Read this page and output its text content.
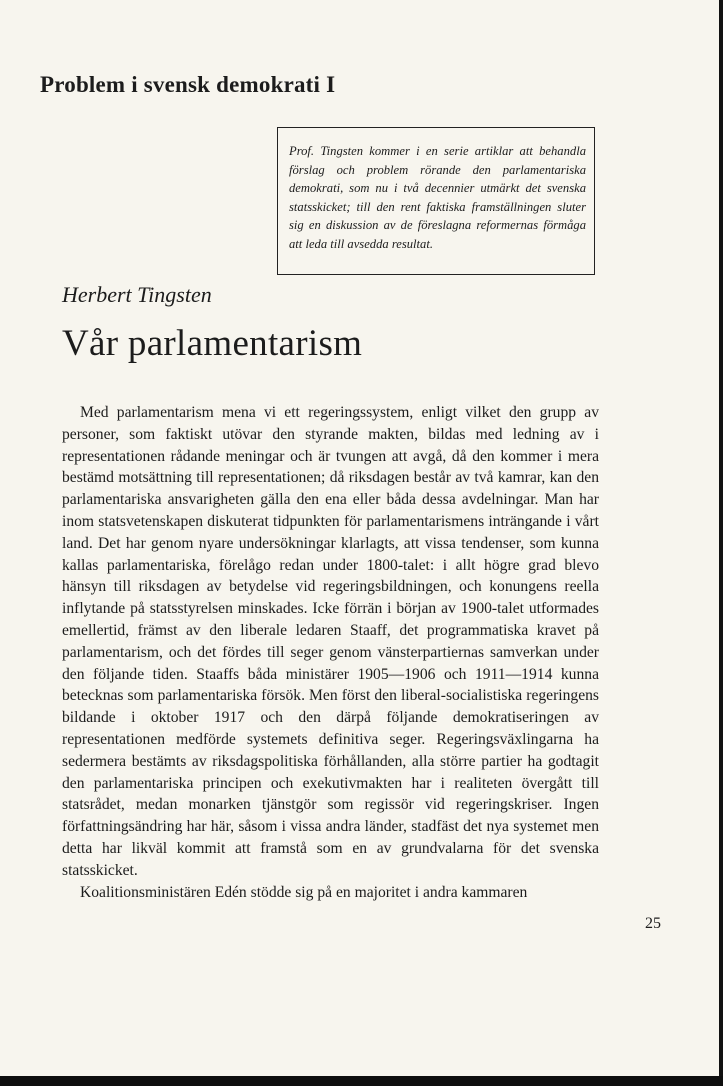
Problem i svensk demokrati I

Prof. Tingsten kommer i en serie artiklar att behandla förslag och problem rörande den parlamentariska demokrati, som nu i två decennier utmärkt det svenska statsskicket; till den rent faktiska framställningen sluter sig en diskussion av de föreslagna reformernas förmåga att leda till avsedda resultat.

Herbert Tingsten
Vår parlamentarism

Med parlamentarism mena vi ett regeringssystem, enligt vilket den grupp av personer, som faktiskt utövar den styrande makten, bildas med ledning av i representationen rådande meningar och är tvungen att avgå, då den kommer i mera bestämd motsättning till representationen; då riksdagen består av två kamrar, kan den parlamentariska ansvarigheten gälla den ena eller båda dessa avdelningar. Man har inom statsvetenskapen diskuterat tidpunkten för parlamentarismens inträngande i vårt land. Det har genom nyare undersökningar klarlagts, att vissa tendenser, som kunna kallas parlamentariska, förelågo redan under 1800-talet: i allt högre grad blevo hänsyn till riksdagen av betydelse vid regeringsbildningen, och konungens reella inflytande på statsstyrelsen minskades. Icke förrän i början av 1900-talet utformades emellertid, främst av den liberale ledaren Staaff, det programmatiska kravet på parlamentarism, och det fördes till seger genom vänsterpartiernas samverkan under den följande tiden. Staaffs båda ministärer 1905—1906 och 1911—1914 kunna betecknas som parlamentariska försök. Men först den liberal-socialistiska regeringens bildande i oktober 1917 och den därpå följande demokratiseringen av representationen medförde systemets definitiva seger. Regeringsväxlingarna ha sedermera bestämts av riksdagspolitiska förhållanden, alla större partier ha godtagit den parlamentariska principen och exekutivmakten har i realiteten övergått till statsrådet, medan monarken tjänstgör som regissör vid regeringskriser. Ingen författningsändring har här, såsom i vissa andra länder, stadfäst det nya systemet men detta har likväl kommit att framstå som en av grundvalarna för det svenska statsskicket.

Koalitionsministären Edén stödde sig på en majoritet i andra kammaren

25
